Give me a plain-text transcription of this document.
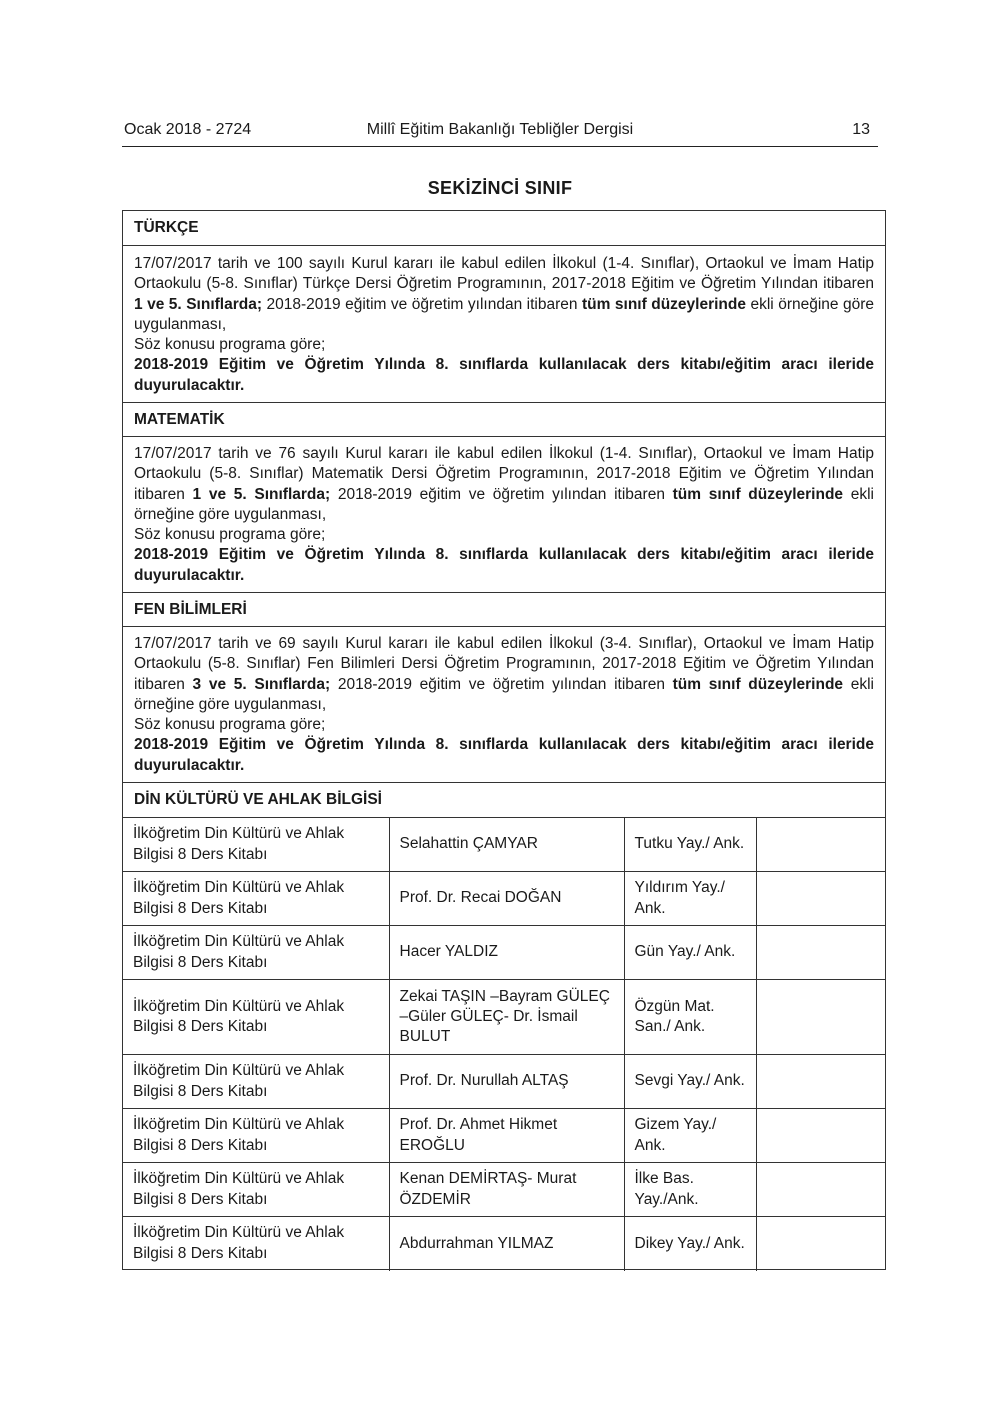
Ocak 2018 - 2724	Millî Eğitim Bakanlığı Tebliğler Dergisi	13
SEKİZİNCİ SINIF
TÜRKÇE

17/07/2017 tarih ve 100 sayılı Kurul kararı ile kabul edilen İlkokul (1-4. Sınıflar), Ortaokul ve İmam Hatip Ortaokulu (5-8. Sınıflar) Türkçe Dersi Öğretim Programının, 2017-2018 Eğitim ve Öğretim Yılından itibaren 1 ve 5. Sınıflarda; 2018-2019 eğitim ve öğretim yılından itibaren tüm sınıf düzeylerinde ekli örneğine göre uygulanması,

Söz konusu programa göre;

2018-2019 Eğitim ve Öğretim Yılında 8. sınıflarda kullanılacak ders kitabı/eğitim aracı ileride duyurulacaktır.

MATEMATİK

17/07/2017 tarih ve 76 sayılı Kurul kararı ile kabul edilen İlkokul (1-4. Sınıflar), Ortaokul ve İmam Hatip Ortaokulu (5-8. Sınıflar) Matematik Dersi Öğretim Programının, 2017-2018 Eğitim ve Öğretim Yılından itibaren 1 ve 5. Sınıflarda; 2018-2019 eğitim ve öğretim yılından itibaren tüm sınıf düzeylerinde ekli örneğine göre uygulanması,

Söz konusu programa göre;

2018-2019 Eğitim ve Öğretim Yılında 8. sınıflarda kullanılacak ders kitabı/eğitim aracı ileride duyurulacaktır.

FEN BİLİMLERİ

17/07/2017 tarih ve 69 sayılı Kurul kararı ile kabul edilen İlkokul (3-4. Sınıflar), Ortaokul ve İmam Hatip Ortaokulu (5-8. Sınıflar) Fen Bilimleri Dersi Öğretim Programının, 2017-2018 Eğitim ve Öğretim Yılından itibaren 3 ve 5. Sınıflarda; 2018-2019 eğitim ve öğretim yılından itibaren tüm sınıf düzeylerinde ekli örneğine göre uygulanması,

Söz konusu programa göre;

2018-2019 Eğitim ve Öğretim Yılında 8. sınıflarda kullanılacak ders kitabı/eğitim aracı ileride duyurulacaktır.

DİN KÜLTÜRÜ VE AHLAK BİLGİSİ
İlköğretim Din Kültürü ve Ahlak Bilgisi 8 Ders Kitabı	Selahattin ÇAMYAR	Tutku Yay./ Ank.	
İlköğretim Din Kültürü ve Ahlak Bilgisi 8 Ders Kitabı	Prof. Dr. Recai DOĞAN	Yıldırım Yay./ Ank.	
İlköğretim Din Kültürü ve Ahlak Bilgisi 8 Ders Kitabı	Hacer YALDIZ	Gün Yay./ Ank.	
İlköğretim Din Kültürü ve Ahlak Bilgisi 8 Ders Kitabı	Zekai TAŞIN –Bayram GÜLEÇ –Güler GÜLEÇ- Dr. İsmail BULUT	Özgün Mat. San./ Ank.	
İlköğretim Din Kültürü ve Ahlak Bilgisi 8 Ders Kitabı	Prof. Dr. Nurullah ALTAŞ	Sevgi Yay./ Ank.	
İlköğretim Din Kültürü ve Ahlak Bilgisi 8 Ders Kitabı	Prof. Dr. Ahmet Hikmet EROĞLU	Gizem Yay./ Ank.	
İlköğretim Din Kültürü ve Ahlak Bilgisi 8 Ders Kitabı	Kenan DEMİRTAŞ- Murat ÖZDEMİR	İlke Bas. Yay./Ank.	
İlköğretim Din Kültürü ve Ahlak Bilgisi 8 Ders Kitabı	Abdurrahman YILMAZ	Dikey Yay./ Ank.	
